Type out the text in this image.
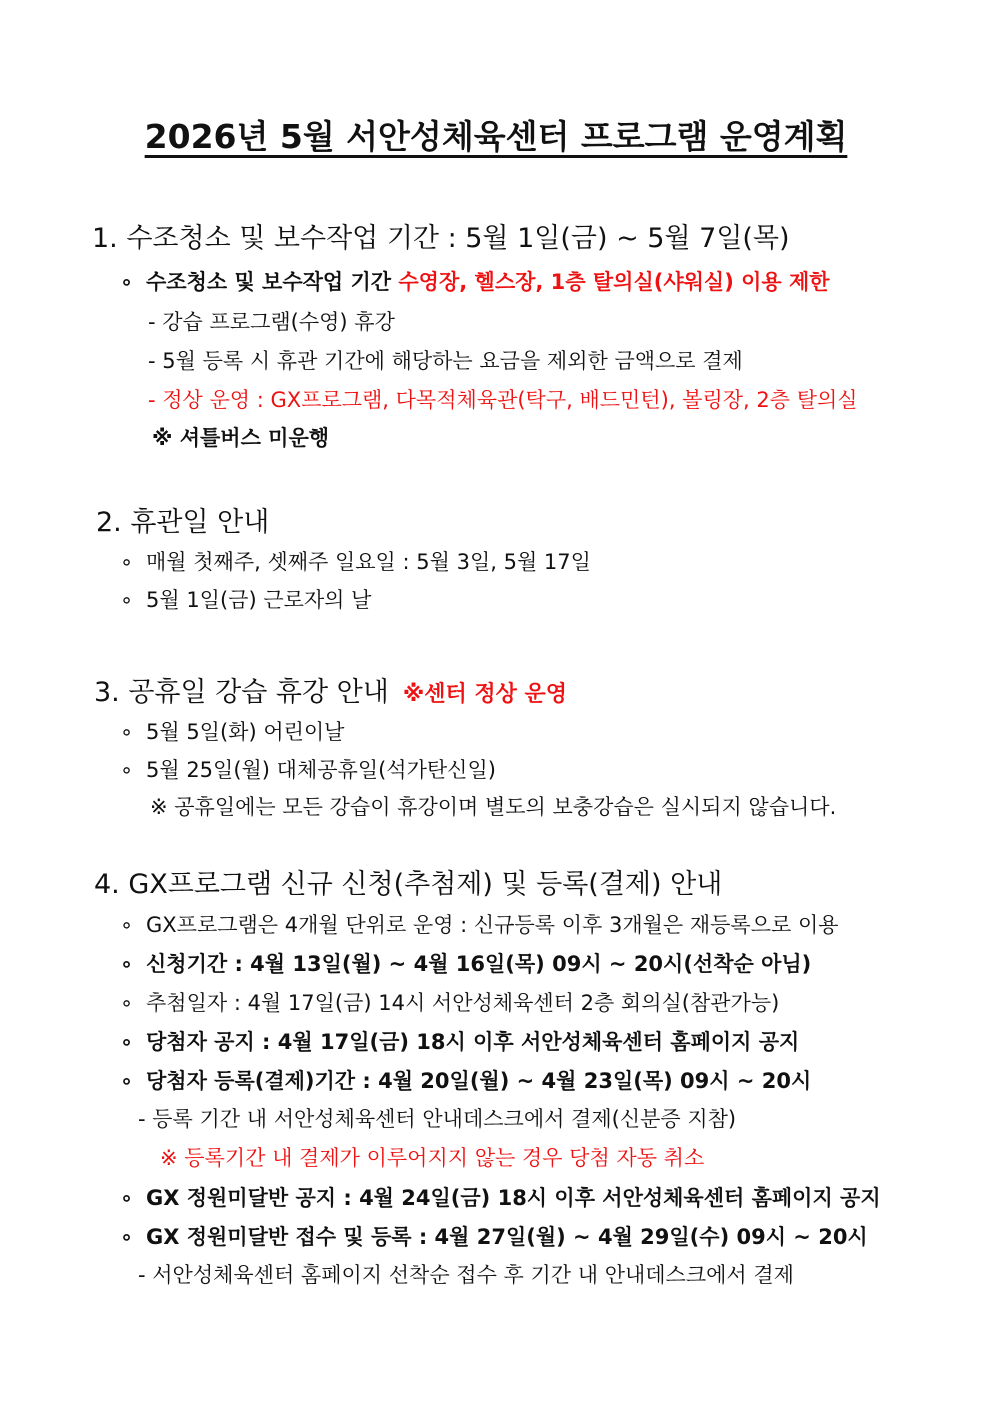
2026년 5월 서안성체육센터 프로그램 운영계획
1. 수조청소 및 보수작업 기간 : 5월 1일(금) ~ 5월 7일(목)
∘ 수조청소 및 보수작업 기간 수영장, 헬스장, 1층 탈의실(샤워실) 이용 제한
- 강습 프로그램(수영) 휴강
- 5월 등록 시 휴관 기간에 해당하는 요금을 제외한 금액으로 결제
- 정상 운영 : GX프로그램, 다목적체육관(탁구, 배드민턴), 볼링장, 2층 탈의실
※ 셔틀버스 미운행
2. 휴관일 안내
∘ 매월 첫째주, 셋째주 일요일 : 5월 3일, 5월 17일
∘ 5월 1일(금) 근로자의 날
3. 공휴일 강습 휴강 안내 ※센터 정상 운영
∘ 5월 5일(화) 어린이날
∘ 5월 25일(월) 대체공휴일(석가탄신일)
※ 공휴일에는 모든 강습이 휴강이며 별도의 보충강습은 실시되지 않습니다.
4. GX프로그램 신규 신청(추첨제) 및 등록(결제) 안내
∘ GX프로그램은 4개월 단위로 운영 : 신규등록 이후 3개월은 재등록으로 이용
∘ 신청기간 : 4월 13일(월) ~ 4월 16일(목) 09시 ~ 20시(선착순 아님)
∘ 추첨일자 : 4월 17일(금) 14시 서안성체육센터 2층 회의실(참관가능)
∘ 당첨자 공지 : 4월 17일(금) 18시 이후 서안성체육센터 홈페이지 공지
∘ 당첨자 등록(결제)기간 : 4월 20일(월) ~ 4월 23일(목) 09시 ~ 20시
- 등록 기간 내 서안성체육센터 안내데스크에서 결제(신분증 지참)
※ 등록기간 내 결제가 이루어지지 않는 경우 당첨 자동 취소
∘ GX 정원미달반 공지 : 4월 24일(금) 18시 이후 서안성체육센터 홈페이지 공지
∘ GX 정원미달반 접수 및 등록 : 4월 27일(월) ~ 4월 29일(수) 09시 ~ 20시
- 서안성체육센터 홈페이지 선착순 접수 후 기간 내 안내데스크에서 결제
